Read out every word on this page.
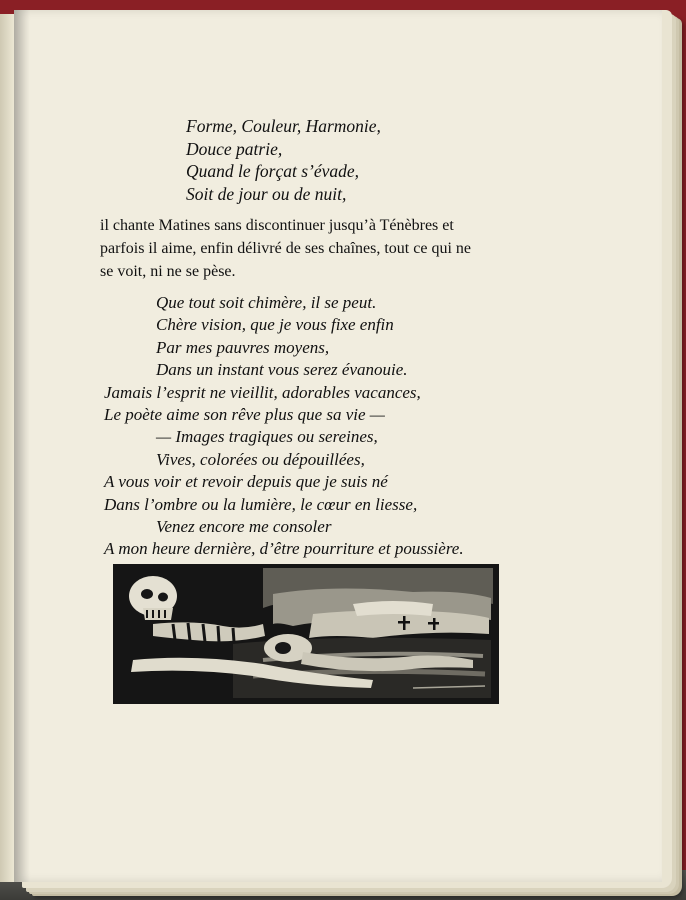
Forme, Couleur, Harmonie,
Douce patrie,
Quand le forçat s’évade,
Soit de jour ou de nuit,
il chante Matines sans discontinuer jusqu’à Ténèbres et
parfois il aime, enfin délivré de ses chaînes, tout ce qui ne
se voit, ni ne se pèse.
Que tout soit chimère, il se peut.
Chère vision, que je vous fixe enfin
Par mes pauvres moyens,
Dans un instant vous serez évanouie.
Jamais l’esprit ne vieillit, adorables vacances,
Le poète aime son rêve plus que sa vie —
— Images tragiques ou sereines,
Vives, colorées ou dépouillées,
A vous voir et revoir depuis que je suis né
Dans l’ombre ou la lumière, le cœur en liesse,
Venez encore me consoler
A mon heure dernière, d’être pourriture et poussière.
